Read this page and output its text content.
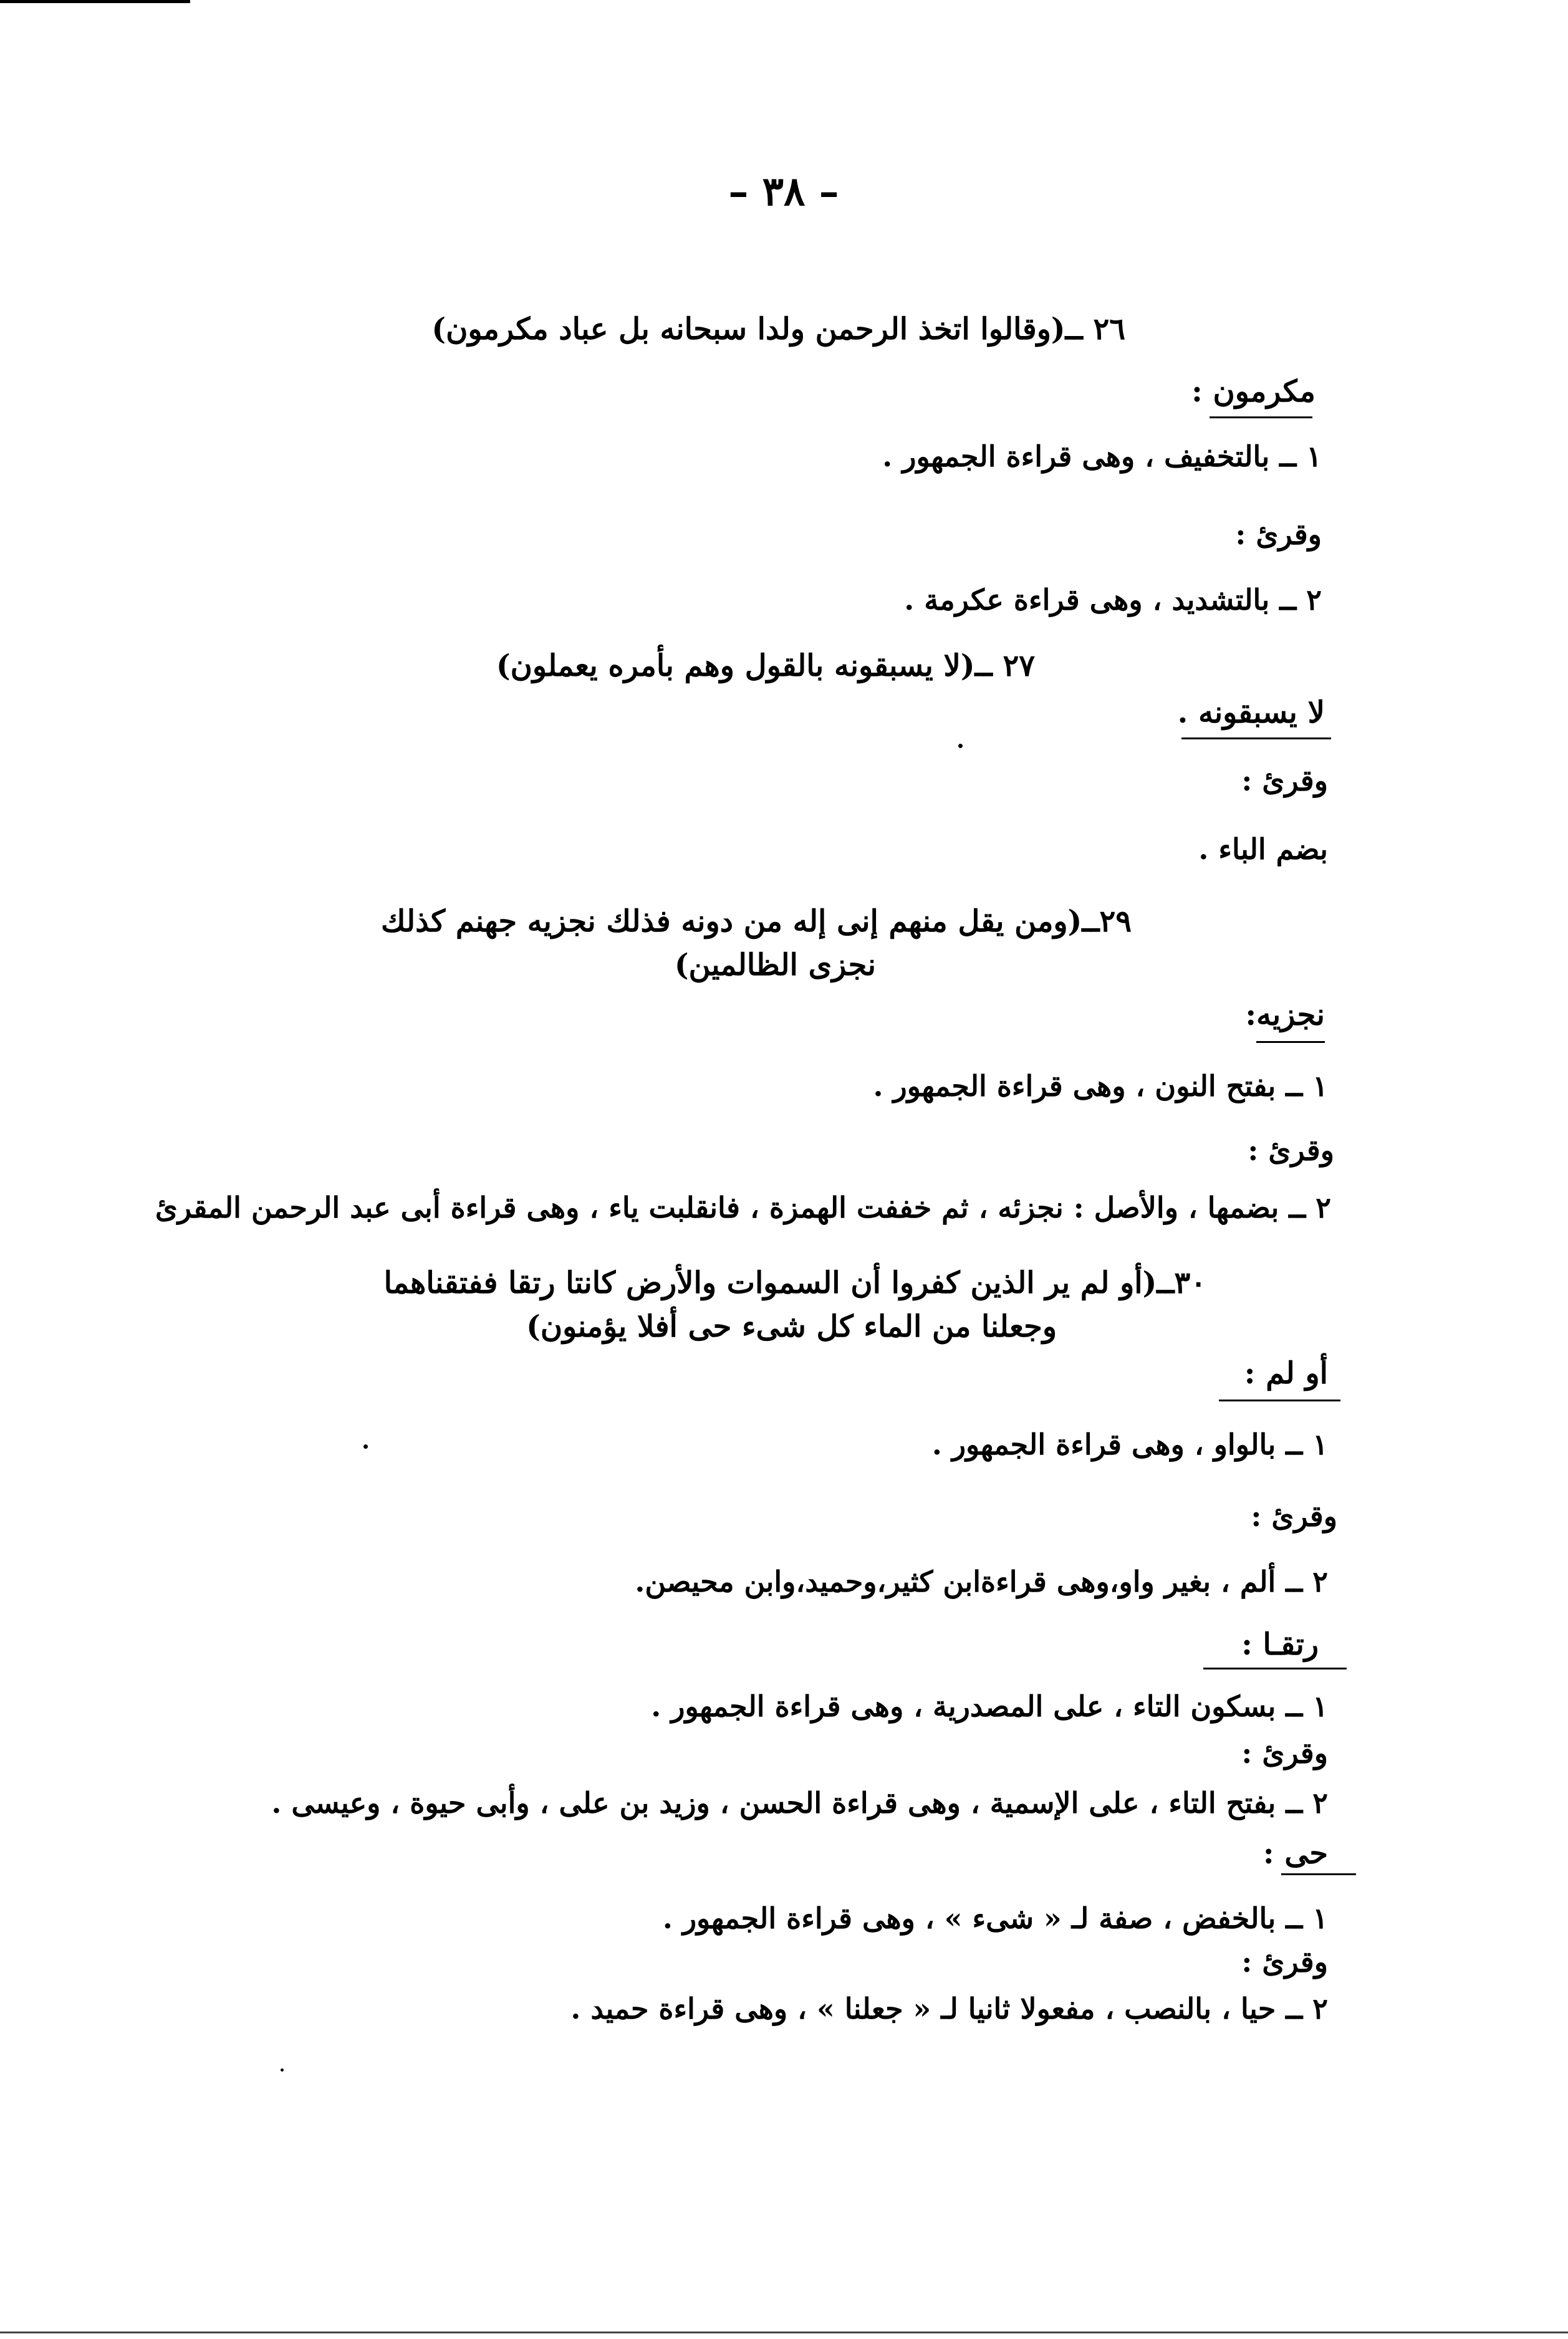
– ٣٨ –
٢٦ ــ(وقالوا اتخذ الرحمن ولدا سبحانه بل عباد مكرمون)
مكرمون :
١ ــ بالتخفيف ، وهى قراءة الجمهور .
وقرئ :
٢ ــ بالتشديد ، وهى قراءة عكرمة .
٢٧ ــ(لا يسبقونه بالقول وهم بأمره يعملون)
لا يسبقونه .
وقرئ :
بضم الباء .
٢٩ــ(ومن يقل منهم إنى إله من دونه فذلك نجزيه جهنم كذلك
نجزى الظالمين)
نجزيه:
١ ــ بفتح النون ، وهى قراءة الجمهور .
وقرئ :
٢ ــ بضمها ، والأصل : نجزئه ، ثم خففت الهمزة ، فانقلبت ياء ، وهى قراءة أبى عبد الرحمن المقرئ
٣٠ــ(أو لم ير الذين كفروا أن السموات والأرض كانتا رتقا ففتقناهما
وجعلنا من الماء كل شىء حى أفلا يؤمنون)
أو لم :
١ ــ بالواو ، وهى قراءة الجمهور .
وقرئ :
٢ ــ ألم ، بغير واو،وهى قراءةابن كثير،وحميد،وابن محيصن.
رتقـا :
١ ــ بسكون التاء ، على المصدرية ، وهى قراءة الجمهور .
وقرئ :
٢ ــ بفتح التاء ، على الإسمية ، وهى قراءة الحسن ، وزيد بن على ، وأبى حيوة ، وعيسى .
حى :
١ ــ بالخفض ، صفة لـ « شىء » ، وهى قراءة الجمهور .
وقرئ :
٢ ــ حيا ، بالنصب ، مفعولا ثانيا لـ « جعلنا » ، وهى قراءة حميد .
